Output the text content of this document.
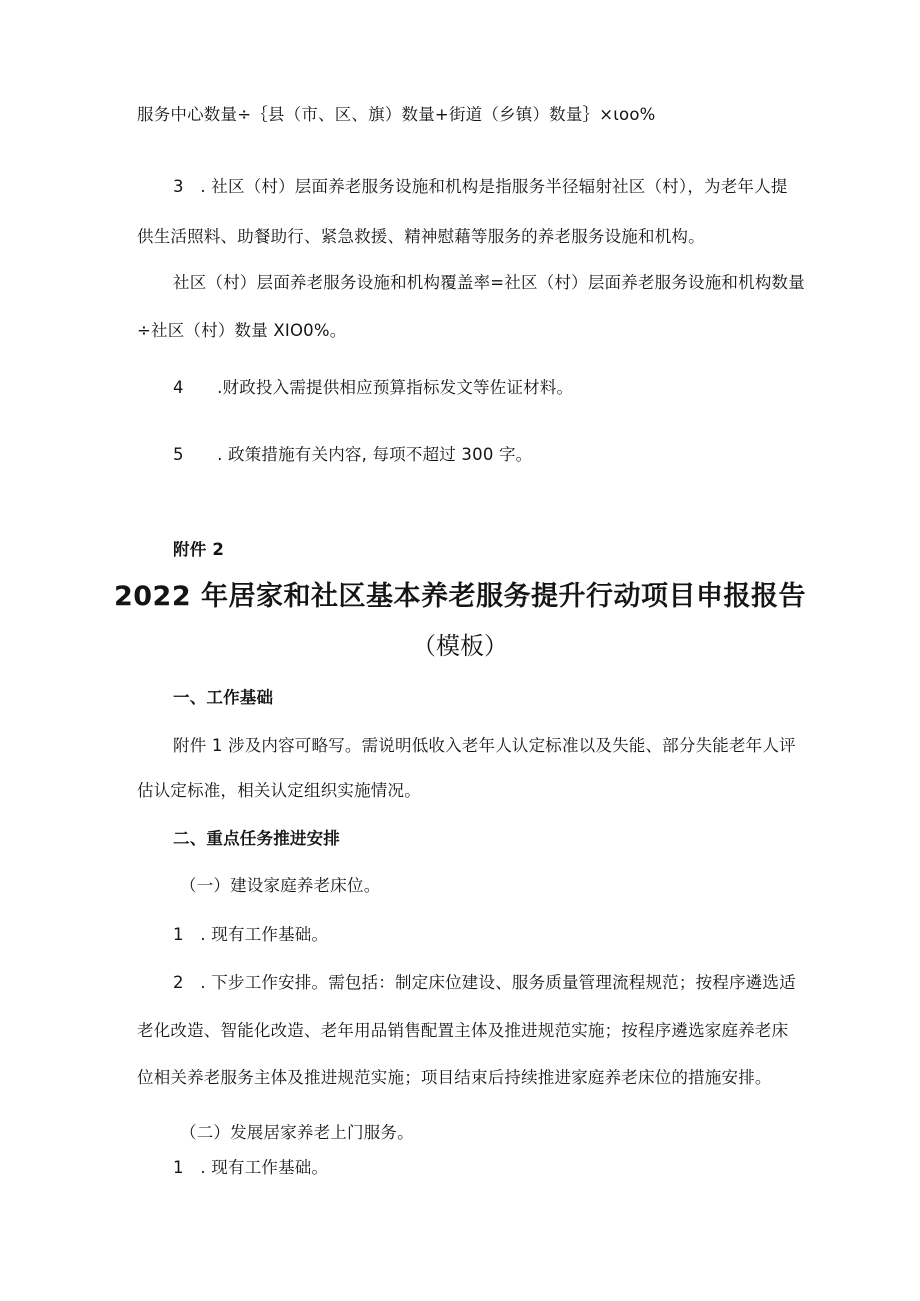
服务中心数量÷｛县（市、区、旗）数量+街道（乡镇）数量｝×ιoo%
3　. 社区（村）层面养老服务设施和机构是指服务半径辐射社区（村），为老年人提
供生活照料、助餐助行、紧急救援、精神慰藉等服务的养老服务设施和机构。
社区（村）层面养老服务设施和机构覆盖率=社区（村）层面养老服务设施和机构数量
÷社区（村）数量 XIO0%。
4　　.财政投入需提供相应预算指标发文等佐证材料。
5　　. 政策措施有关内容, 每项不超过 300 字。
附件 2
2022 年居家和社区基本养老服务提升行动项目申报报告
（模板）
一、工作基础
附件 1 涉及内容可略写。需说明低收入老年人认定标准以及失能、部分失能老年人评
估认定标准，相关认定组织实施情况。
二、重点任务推进安排
（一）建设家庭养老床位。
1　. 现有工作基础。
2　. 下步工作安排。需包括：制定床位建设、服务质量管理流程规范；按程序遴选适
老化改造、智能化改造、老年用品销售配置主体及推进规范实施；按程序遴选家庭养老床
位相关养老服务主体及推进规范实施；项目结束后持续推进家庭养老床位的措施安排。
（二）发展居家养老上门服务。
1　. 现有工作基础。
